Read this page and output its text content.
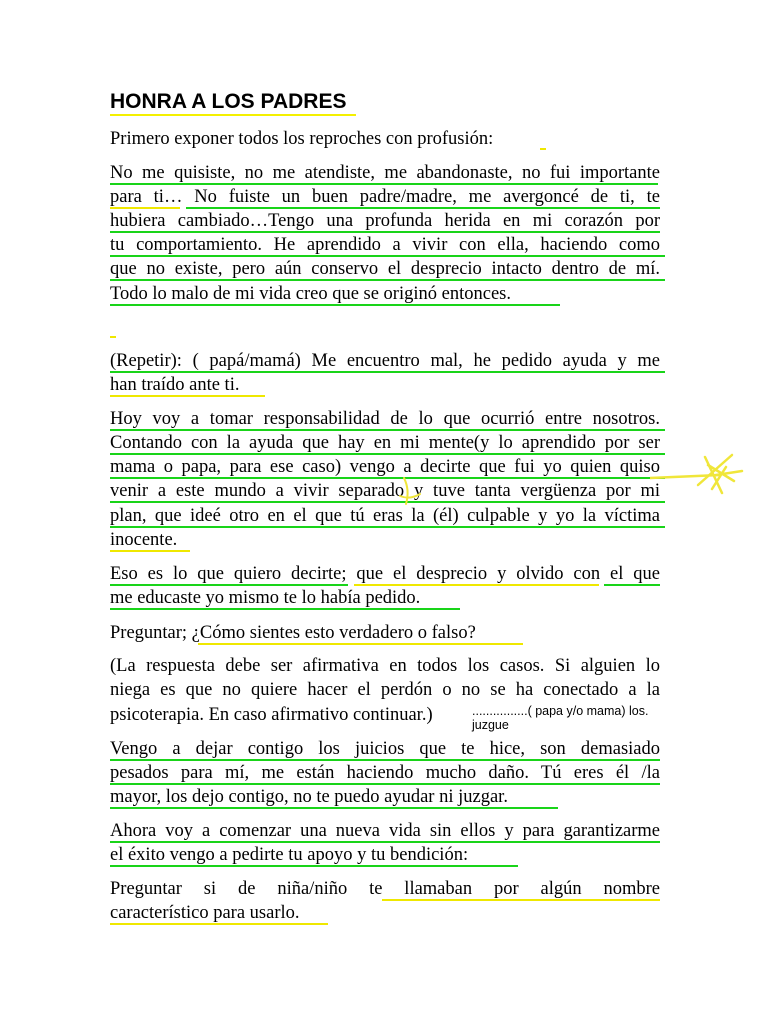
HONRA A LOS PADRES
Primero exponer todos los reproches con profusión:
No me quisiste, no me atendiste, me abandonaste, no fui importante
para ti… No fuiste un buen padre/madre, me avergoncé de ti, te
hubiera cambiado…Tengo una profunda herida en mi corazón por
tu comportamiento. He aprendido a vivir con ella, haciendo como
que no existe, pero aún conservo el desprecio intacto dentro de mí.
Todo lo malo de mi vida creo que se originó entonces.
(Repetir): ( papá/mamá) Me encuentro mal, he pedido ayuda y me
han traído ante ti.
Hoy voy a tomar responsabilidad de lo que ocurrió entre nosotros.
Contando con la ayuda que hay en mi mente(y lo aprendido por ser
mama o papa, para ese caso) vengo a decirte que fui yo quien quiso
venir a este mundo a vivir separado y tuve tanta vergüenza por mi
plan, que ideé otro en el que tú eras la (él) culpable y yo la víctima
inocente.
Eso es lo que quiero decirte; que el desprecio y olvido con el que
me educaste yo mismo te lo había pedido.
Preguntar; ¿Cómo sientes esto verdadero o falso?
(La respuesta debe ser afirmativa en todos los casos. Si alguien lo
niega es que no quiere hacer el perdón o no se ha conectado a la
psicoterapia. En caso afirmativo continuar.)	................( papa y/o mama) los.
juzgue
Vengo a dejar contigo los juicios que te hice, son demasiado
pesados para mí, me están haciendo mucho daño. Tú eres él /la
mayor, los dejo contigo, no te puedo ayudar ni juzgar.
Ahora voy a comenzar una nueva vida sin ellos y para garantizarme
el éxito vengo a pedirte tu apoyo y tu bendición:
Preguntar si de niña/niño te llamaban por algún nombre
característico para usarlo.
